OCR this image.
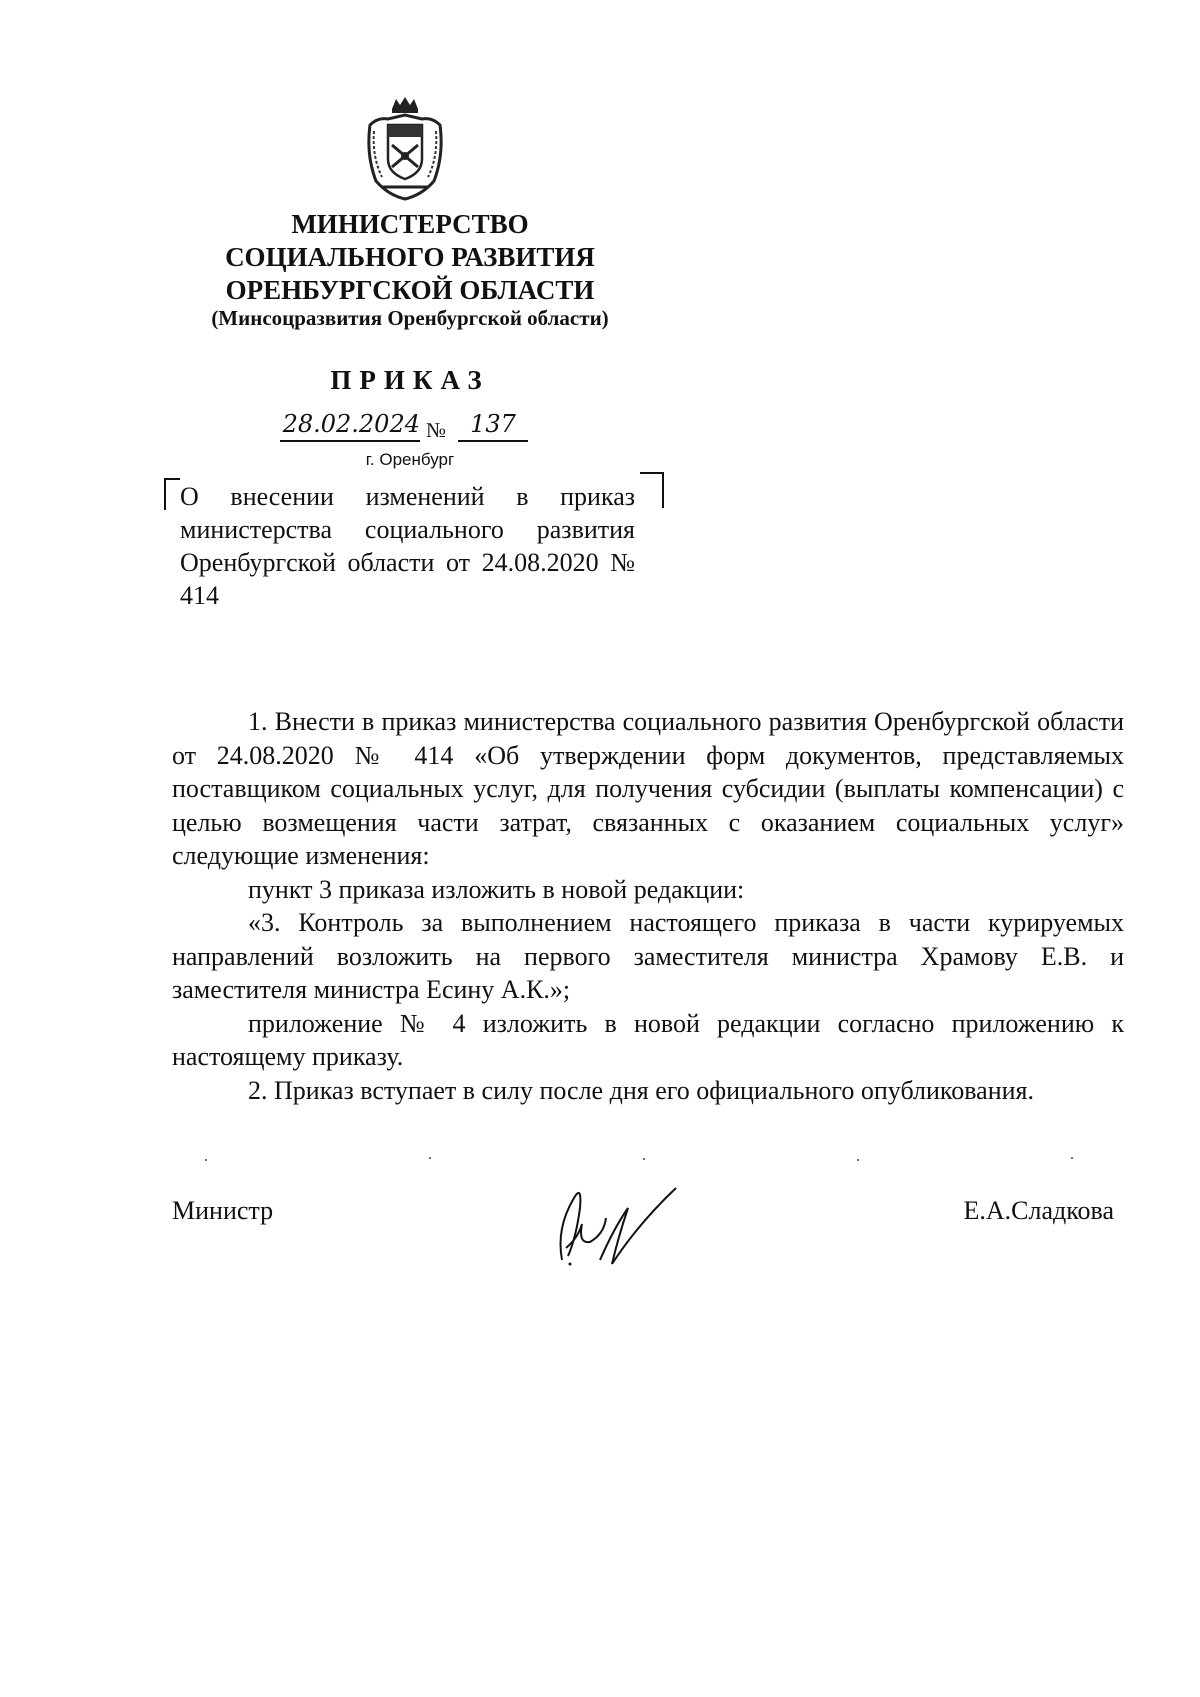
МИНИСТЕРСТВО
СОЦИАЛЬНОГО РАЗВИТИЯ
ОРЕНБУРГСКОЙ ОБЛАСТИ
(Минсоцразвития Оренбургской области)
ПРИКАЗ
28.02.2024 №	137
г. Оренбург
О внесении изменений в приказ министерства социального развития Оренбургской области от 24.08.2020 № 414

1. Внести в приказ министерства социального развития Оренбургской области от 24.08.2020 № 414 «Об утверждении форм документов, представляемых поставщиком социальных услуг, для получения субсидии (выплаты компенсации) с целью возмещения части затрат, связанных с оказанием социальных услуг» следующие изменения:

пункт 3 приказа изложить в новой редакции:

«3. Контроль за выполнением настоящего приказа в части курируемых направлений возложить на первого заместителя министра Храмову Е.В. и заместителя министра Есину А.К.»;

приложение № 4 изложить в новой редакции согласно приложению к настоящему приказу.

2. Приказ вступает в силу после дня его официального опубликования.

Министр	Е.А.Сладкова
